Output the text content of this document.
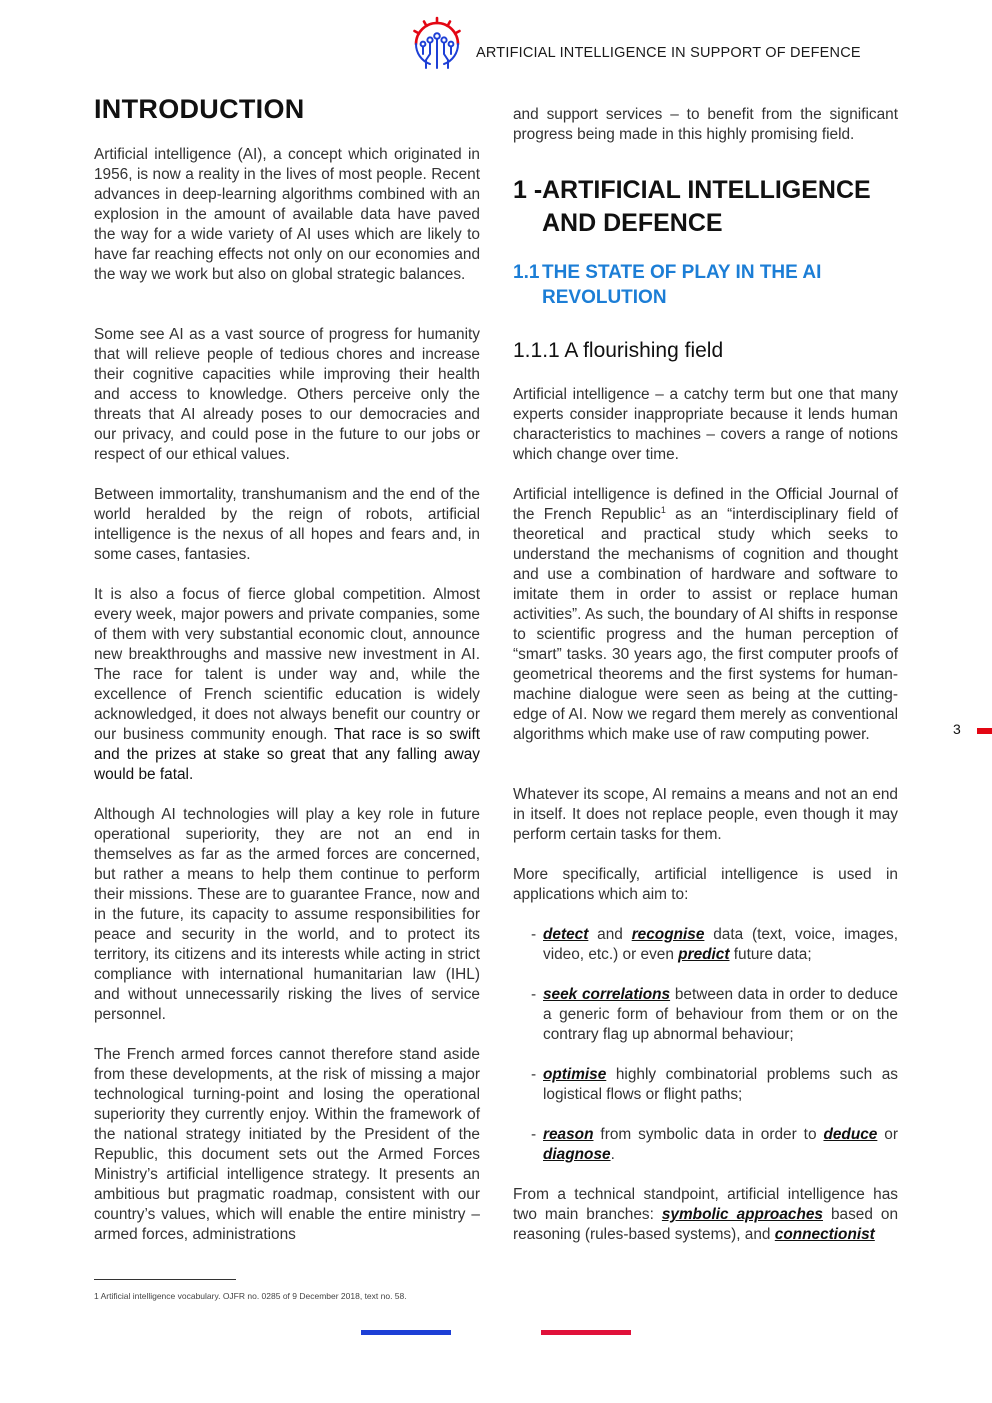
ARTIFICIAL INTELLIGENCE IN SUPPORT OF DEFENCE
INTRODUCTION

Artificial intelligence (AI), a concept which originated in 1956, is now a reality in the lives of most people. Recent advances in deep-learning algorithms combined with an explosion in the amount of available data have paved the way for a wide variety of AI uses which are likely to have far reaching effects not only on our economies and the way we work but also on global strategic balances.

Some see AI as a vast source of progress for humanity that will relieve people of tedious chores and increase their cognitive capacities while improving their health and access to knowledge. Others perceive only the threats that AI already poses to our democracies and our privacy, and could pose in the future to our jobs or respect of our ethical values.

Between immortality, transhumanism and the end of the world heralded by the reign of robots, artificial intelligence is the nexus of all hopes and fears and, in some cases, fantasies.

It is also a focus of fierce global competition. Almost every week, major powers and private companies, some of them with very substantial economic clout, announce new breakthroughs and massive new investment in AI. The race for talent is under way and, while the excellence of French scientific education is widely acknowledged, it does not always benefit our country or our business community enough. That race is so swift and the prizes at stake so great that any falling away would be fatal.

Although AI technologies will play a key role in future operational superiority, they are not an end in themselves as far as the armed forces are concerned, but rather a means to help them continue to perform their missions. These are to guarantee France, now and in the future, its capacity to assume responsibilities for peace and security in the world, and to protect its territory, its citizens and its interests while acting in strict compliance with international humanitarian law (IHL) and without unnecessarily risking the lives of service personnel.

The French armed forces cannot therefore stand aside from these developments, at the risk of missing a major technological turning-point and losing the operational superiority they currently enjoy. Within the framework of the national strategy initiated by the President of the Republic, this document sets out the Armed Forces Ministry’s artificial intelligence strategy. It presents an ambitious but pragmatic roadmap, consistent with our country’s values, which will enable the entire ministry – armed forces, administrations

and support services – to benefit from the significant progress being made in this highly promising field.

1 - ARTIFICIAL INTELLIGENCE AND DEFENCE
1.1 THE STATE OF PLAY IN THE AI REVOLUTION
1.1.1 A flourishing field

Artificial intelligence – a catchy term but one that many experts consider inappropriate because it lends human characteristics to machines – covers a range of notions which change over time.

Artificial intelligence is defined in the Official Journal of the French Republic$^1$ as an “interdisciplinary field of theoretical and practical study which seeks to understand the mechanisms of cognition and thought and use a combination of hardware and software to imitate them in order to assist or replace human activities”. As such, the boundary of AI shifts in response to scientific progress and the human perception of “smart” tasks. 30 years ago, the first computer proofs of geometrical theorems and the first systems for human-machine dialogue were seen as being at the cutting-edge of AI. Now we regard them merely as conventional algorithms which make use of raw computing power.

Whatever its scope, AI remains a means and not an end in itself. It does not replace people, even though it may perform certain tasks for them.

More specifically, artificial intelligence is used in applications which aim to:

- detect and recognise data (text, voice, images, video, etc.) or even predict future data;
- seek correlations between data in order to deduce a generic form of behaviour from them or on the contrary flag up abnormal behaviour;
- optimise highly combinatorial problems such as logistical flows or flight paths;
- reason from symbolic data in order to deduce or diagnose.

From a technical standpoint, artificial intelligence has two main branches: symbolic approaches based on reasoning (rules-based systems), and connectionist

3
1 Artificial intelligence vocabulary. OJFR no. 0285 of 9 December 2018, text no. 58.
